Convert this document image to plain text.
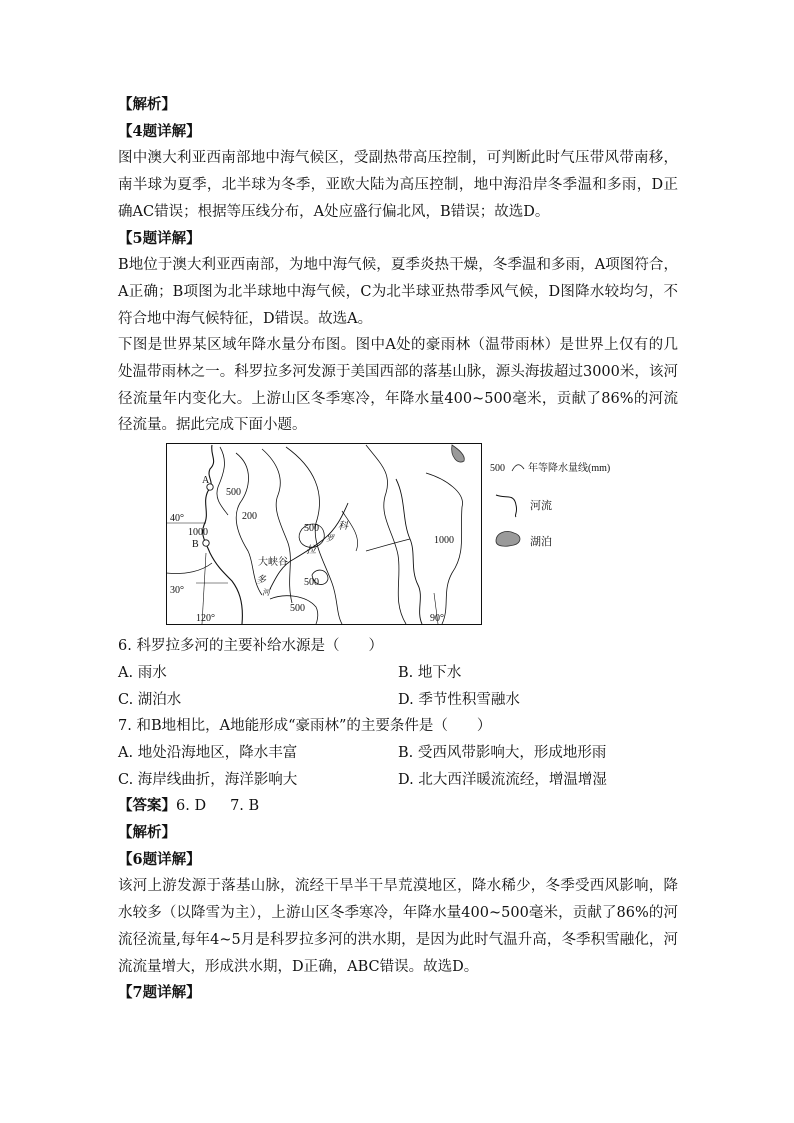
【解析】
【4题详解】
图中澳大利亚西南部地中海气候区，受副热带高压控制，可判断此时气压带风带南移，南半球为夏季，北半球为冬季，亚欧大陆为高压控制，地中海沿岸冬季温和多雨，D正确AC错误；根据等压线分布，A处应盛行偏北风，B错误；故选D。
【5题详解】
B地位于澳大利亚西南部，为地中海气候，夏季炎热干燥，冬季温和多雨，A项图符合，A正确；B项图为北半球地中海气候，C为北半球亚热带季风气候，D图降水较均匀，不符合地中海气候特征，D错误。故选A。
下图是世界某区域年降水量分布图。图中A处的豪雨林（温带雨林）是世界上仅有的几处温带雨林之一。科罗拉多河发源于美国西部的落基山脉，源头海拔超过3000米，该河径流量年内变化大。上游山区冬季寒冷，年降水量400~500毫米，贡献了86%的河流径流量。据此完成下面小题。
A
B
40°
30°
120°	90°
500
200
1000	500
500
500
1000
大峡谷
科
罗
拉
多
河
500 年等降水量线(mm)
河流
湖泊
6. 科罗拉多河的主要补给水源是（　　）
A. 雨水	B. 地下水
C. 湖泊水	D. 季节性积雪融水
7. 和B地相比，A地能形成“豪雨林”的主要条件是（　　）
A. 地处沿海地区，降水丰富	B. 受西风带影响大，形成地形雨
C. 海岸线曲折，海洋影响大	D. 北大西洋暖流流经，增温增湿
【答案】6. D 7. B
【解析】
【6题详解】
该河上游发源于落基山脉，流经干旱半干旱荒漠地区，降水稀少，冬季受西风影响，降水较多（以降雪为主），上游山区冬季寒冷，年降水量400~500毫米，贡献了86%的河流径流量,每年4~5月是科罗拉多河的洪水期，是因为此时气温升高，冬季积雪融化，河流流量增大，形成洪水期，D正确，ABC错误。故选D。
【7题详解】
